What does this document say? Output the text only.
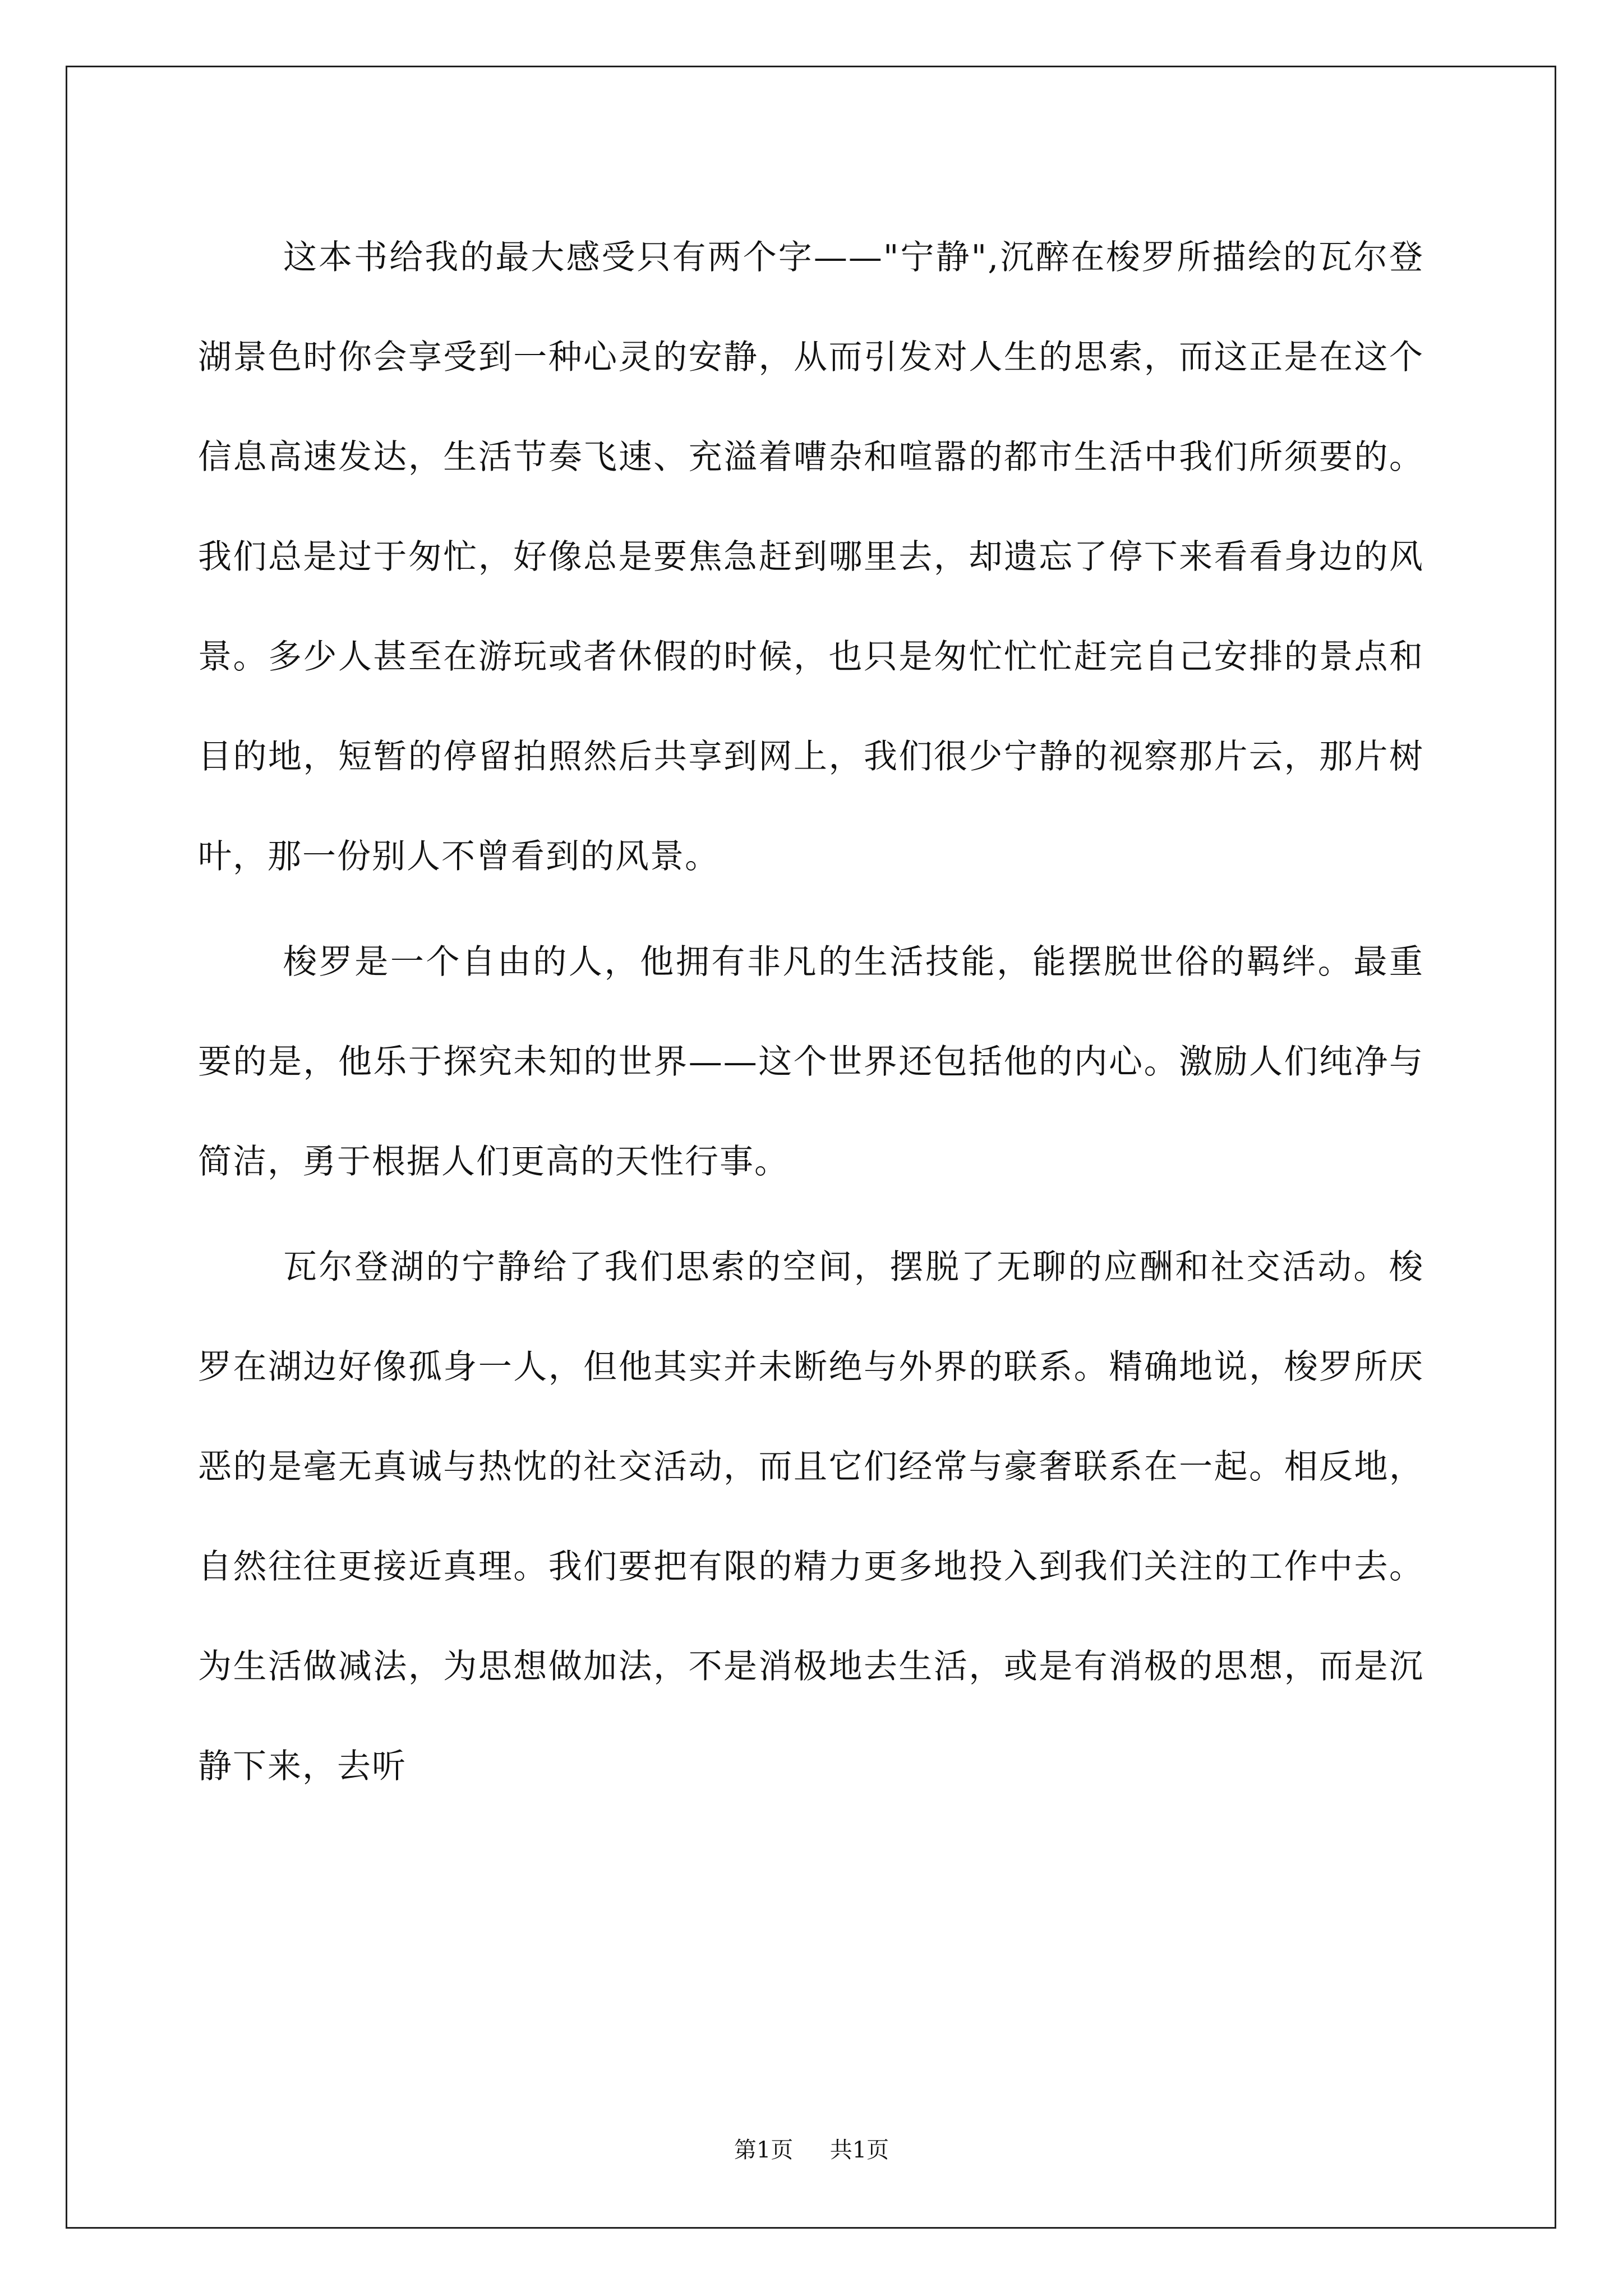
这本书给我的最大感受只有两个字——"宁静",沉醉在梭罗所描绘的瓦尔登湖景色时你会享受到一种心灵的安静，从而引发对人生的思索，而这正是在这个信息高速发达，生活节奏飞速、充溢着嘈杂和喧嚣的都市生活中我们所须要的。我们总是过于匆忙，好像总是要焦急赶到哪里去，却遗忘了停下来看看身边的风景。多少人甚至在游玩或者休假的时候，也只是匆忙忙忙赶完自己安排的景点和目的地，短暂的停留拍照然后共享到网上，我们很少宁静的视察那片云，那片树叶，那一份别人不曾看到的风景。

梭罗是一个自由的人，他拥有非凡的生活技能，能摆脱世俗的羁绊。最重要的是，他乐于探究未知的世界——这个世界还包括他的内心。激励人们纯净与简洁，勇于根据人们更高的天性行事。

瓦尔登湖的宁静给了我们思索的空间，摆脱了无聊的应酬和社交活动。梭罗在湖边好像孤身一人，但他其实并未断绝与外界的联系。精确地说，梭罗所厌恶的是毫无真诚与热忱的社交活动，而且它们经常与豪奢联系在一起。相反地，自然往往更接近真理。我们要把有限的精力更多地投入到我们关注的工作中去。为生活做减法，为思想做加法，不是消极地去生活，或是有消极的思想，而是沉静下来，去听

第1页 共1页
